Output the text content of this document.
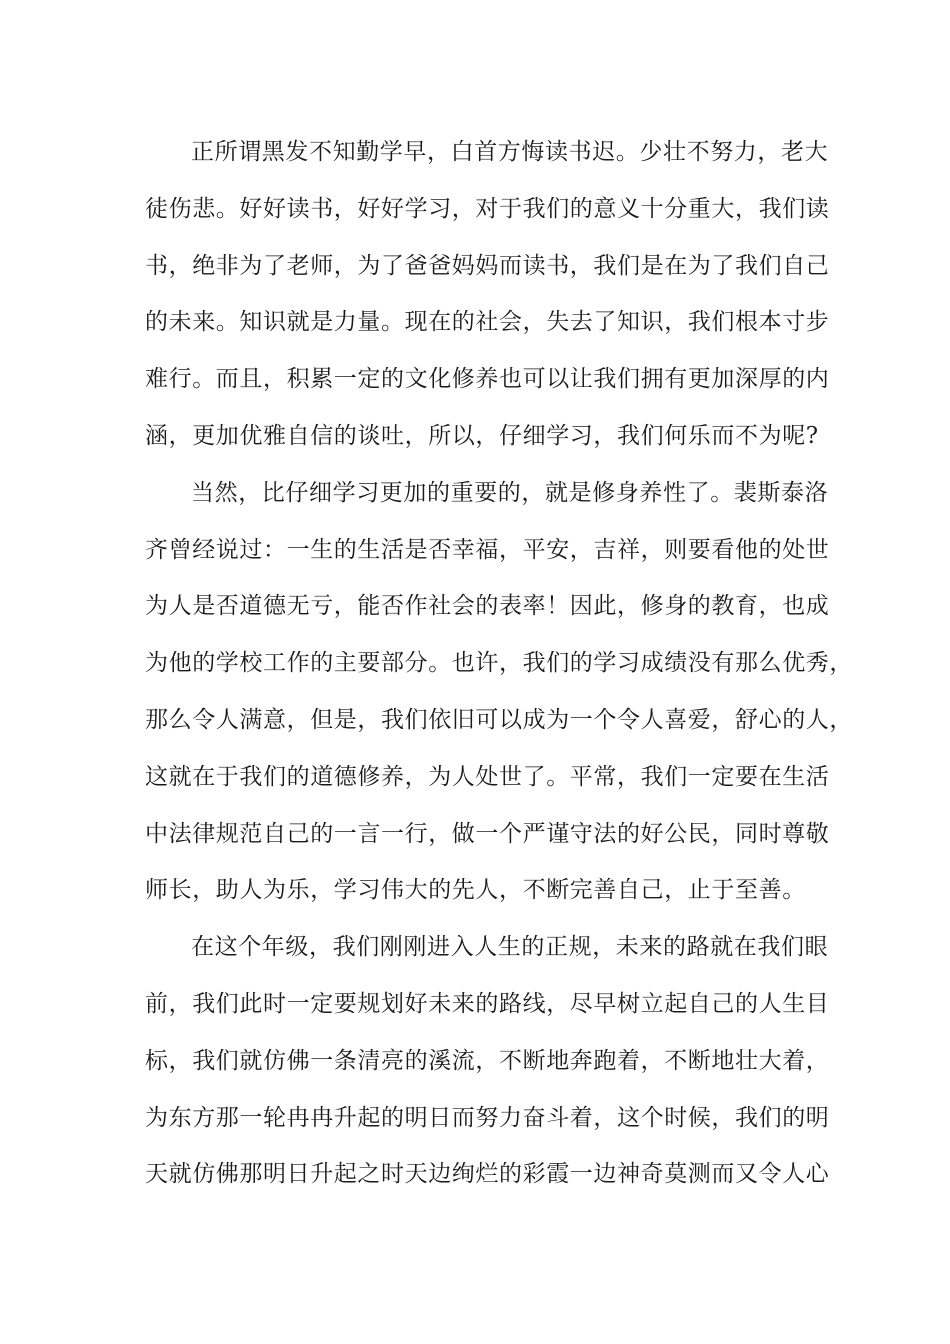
正所谓黑发不知勤学早，白首方悔读书迟。少壮不努力，老大
徒伤悲。好好读书，好好学习，对于我们的意义十分重大，我们读
书，绝非为了老师，为了爸爸妈妈而读书，我们是在为了我们自己
的未来。知识就是力量。现在的社会，失去了知识，我们根本寸步
难行。而且，积累一定的文化修养也可以让我们拥有更加深厚的内
涵，更加优雅自信的谈吐，所以，仔细学习，我们何乐而不为呢?
当然，比仔细学习更加的重要的，就是修身养性了。裴斯泰洛
齐曾经说过：一生的生活是否幸福，平安，吉祥，则要看他的处世
为人是否道德无亏，能否作社会的表率！因此，修身的教育，也成
为他的学校工作的主要部分。也许，我们的学习成绩没有那么优秀，
那么令人满意，但是，我们依旧可以成为一个令人喜爱，舒心的人，
这就在于我们的道德修养，为人处世了。平常，我们一定要在生活
中法律规范自己的一言一行，做一个严谨守法的好公民，同时尊敬
师长，助人为乐，学习伟大的先人，不断完善自己，止于至善。
在这个年级，我们刚刚进入人生的正规，未来的路就在我们眼
前，我们此时一定要规划好未来的路线，尽早树立起自己的人生目
标，我们就仿佛一条清亮的溪流，不断地奔跑着，不断地壮大着，
为东方那一轮冉冉升起的明日而努力奋斗着，这个时候，我们的明
天就仿佛那明日升起之时天边绚烂的彩霞一边神奇莫测而又令人心
